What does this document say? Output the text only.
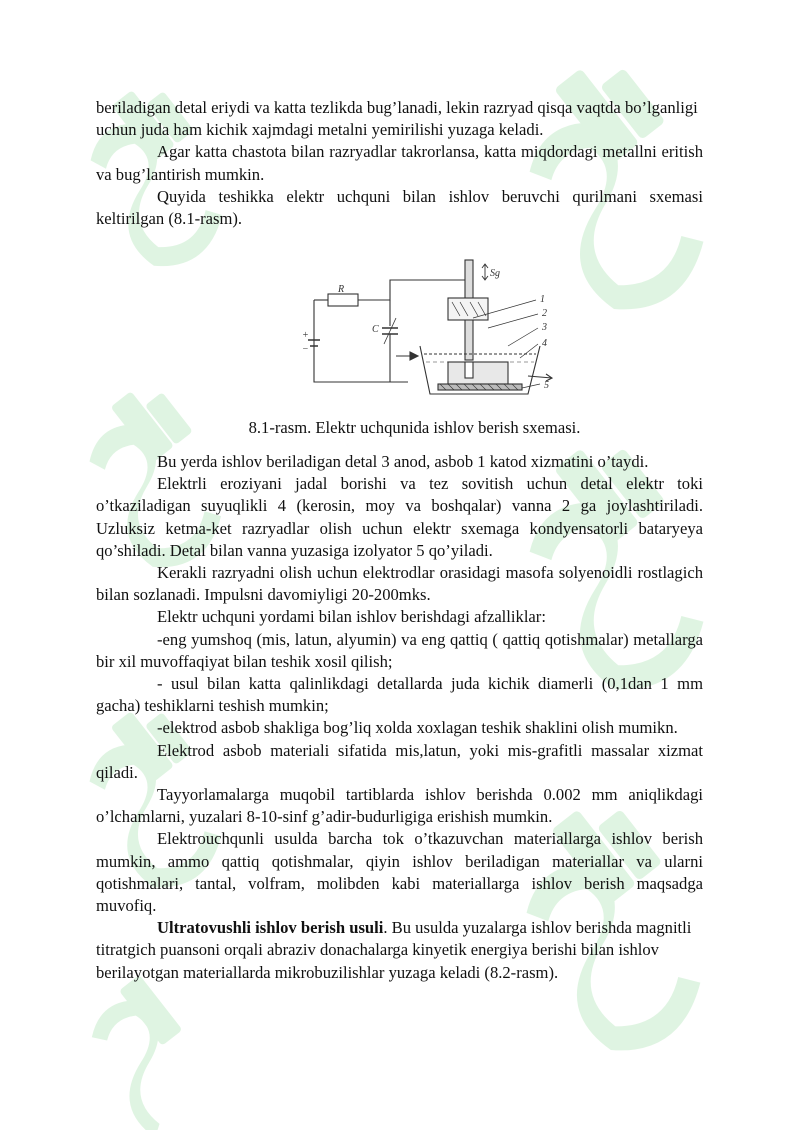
beriladigan detal eriydi va katta tezlikda bug’lanadi, lekin razryad qisqa vaqtda bo’lganligi uchun juda ham kichik xajmdagi metalni yemirilishi yuzaga keladi.

Agar katta chastota bilan razryadlar takrorlansa, katta miqdordagi metallni eritish va bug’lantirish mumkin.

Quyida teshikka elektr uchquni bilan ishlov beruvchi qurilmani sxemasi keltirilgan (8.1-rasm).

R
C
+
−
Sg
1
2
3
4
5

8.1-rasm. Elektr uchqunida ishlov berish sxemasi.

Bu yerda ishlov beriladigan detal 3 anod, asbob 1 katod xizmatini o’taydi.

Elektrli eroziyani jadal borishi va tez sovitish uchun detal elektr toki o’tkaziladigan suyuqlikli 4 (kerosin, moy va boshqalar) vanna 2 ga joylashtiriladi. Uzluksiz ketma-ket razryadlar olish uchun elektr sxemaga kondyensatorli bataryeya qo’shiladi. Detal bilan vanna yuzasiga izolyator 5 qo’yiladi.

Kerakli razryadni olish uchun elektrodlar orasidagi masofa solyenoidli rostlagich bilan sozlanadi. Impulsni davomiyligi 20-200mks.

Elektr uchquni yordami bilan ishlov berishdagi afzalliklar:

-eng yumshoq (mis, latun, alyumin) va eng qattiq ( qattiq qotishmalar) metallarga bir xil muvoffaqiyat bilan teshik xosil qilish;

- usul bilan katta qalinlikdagi detallarda juda kichik diamerli (0,1dan 1 mm gacha) teshiklarni teshish mumkin;

-elektrod asbob shakliga bog’liq xolda xoxlagan teshik shaklini olish mumikn.

Elektrod asbob materiali sifatida mis,latun, yoki mis-grafitli massalar xizmat qiladi.

Tayyorlamalarga muqobil tartiblarda ishlov berishda 0.002 mm aniqlikdagi o’lchamlarni, yuzalari 8-10-sinf g’adir-budurligiga erishish mumkin.

Elektrouchqunli usulda barcha tok o’tkazuvchan materiallarga ishlov berish mumkin, ammo qattiq qotishmalar, qiyin ishlov beriladigan materiallar va ularni qotishmalari, tantal, volfram, molibden kabi materiallarga ishlov berish maqsadga muvofiq.

Ultratovushli ishlov berish usuli. Bu usulda yuzalarga ishlov berishda magnitli titratgich puansoni orqali abraziv donachalarga kinyetik energiya berishi bilan ishlov berilayotgan materiallarda mikrobuzilishlar yuzaga keladi (8.2-rasm).
